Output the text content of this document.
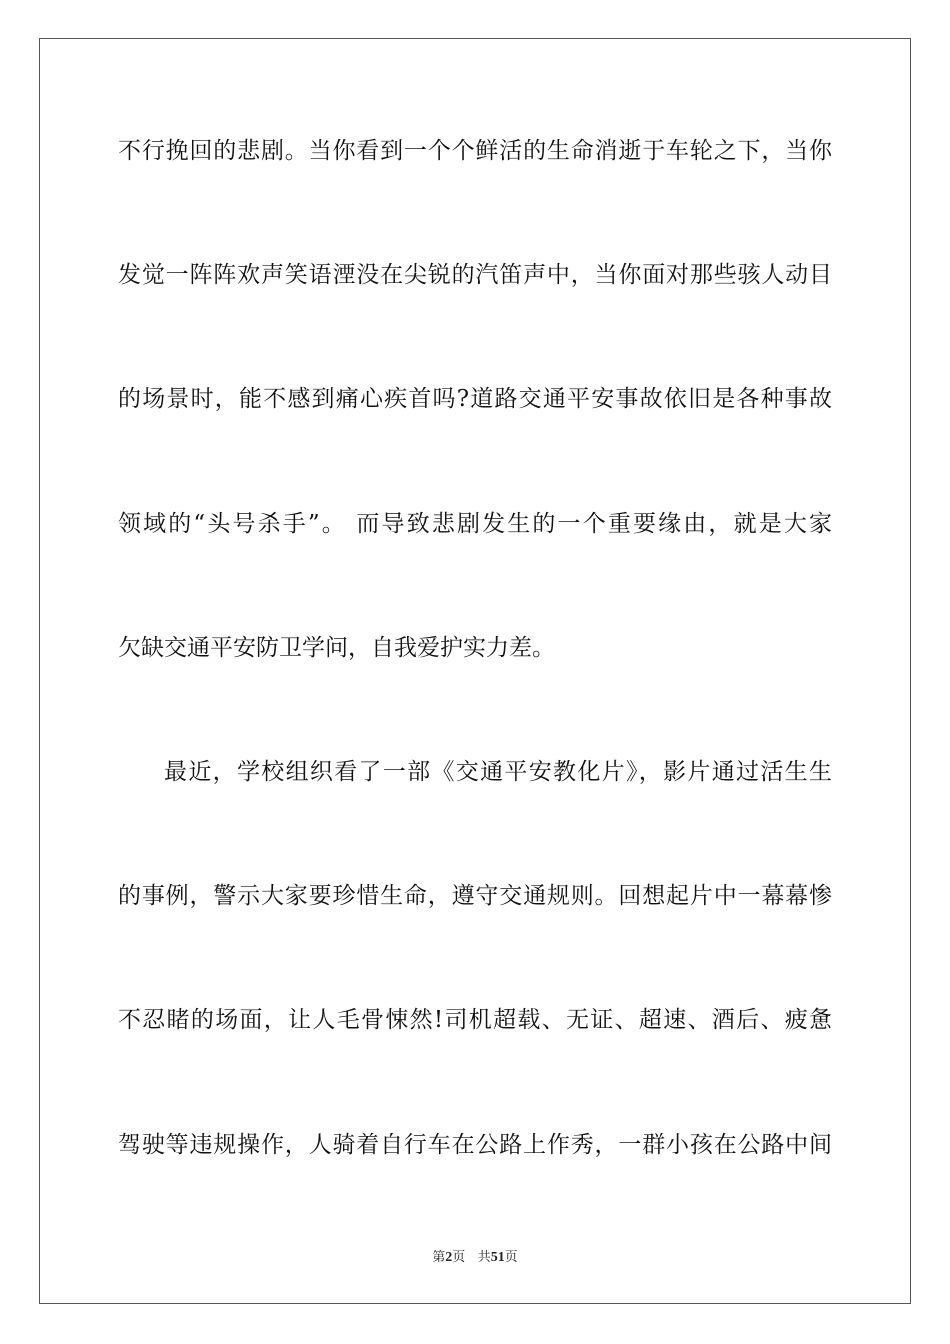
不行挽回的悲剧。当你看到一个个鲜活的生命消逝于车轮之下，当你
发觉一阵阵欢声笑语湮没在尖锐的汽笛声中，当你面对那些骇人动目
的场景时，能不感到痛心疾首吗?道路交通平安事故依旧是各种事故
领域的“头号杀手”。 而导致悲剧发生的一个重要缘由，就是大家
欠缺交通平安防卫学问，自我爱护实力差。
最近，学校组织看了一部《交通平安教化片》，影片通过活生生
的事例，警示大家要珍惜生命，遵守交通规则。回想起片中一幕幕惨
不忍睹的场面，让人毛骨悚然!司机超载、无证、超速、酒后、疲惫
驾驶等违规操作，人骑着自行车在公路上作秀，一群小孩在公路中间
第2页 共51页
